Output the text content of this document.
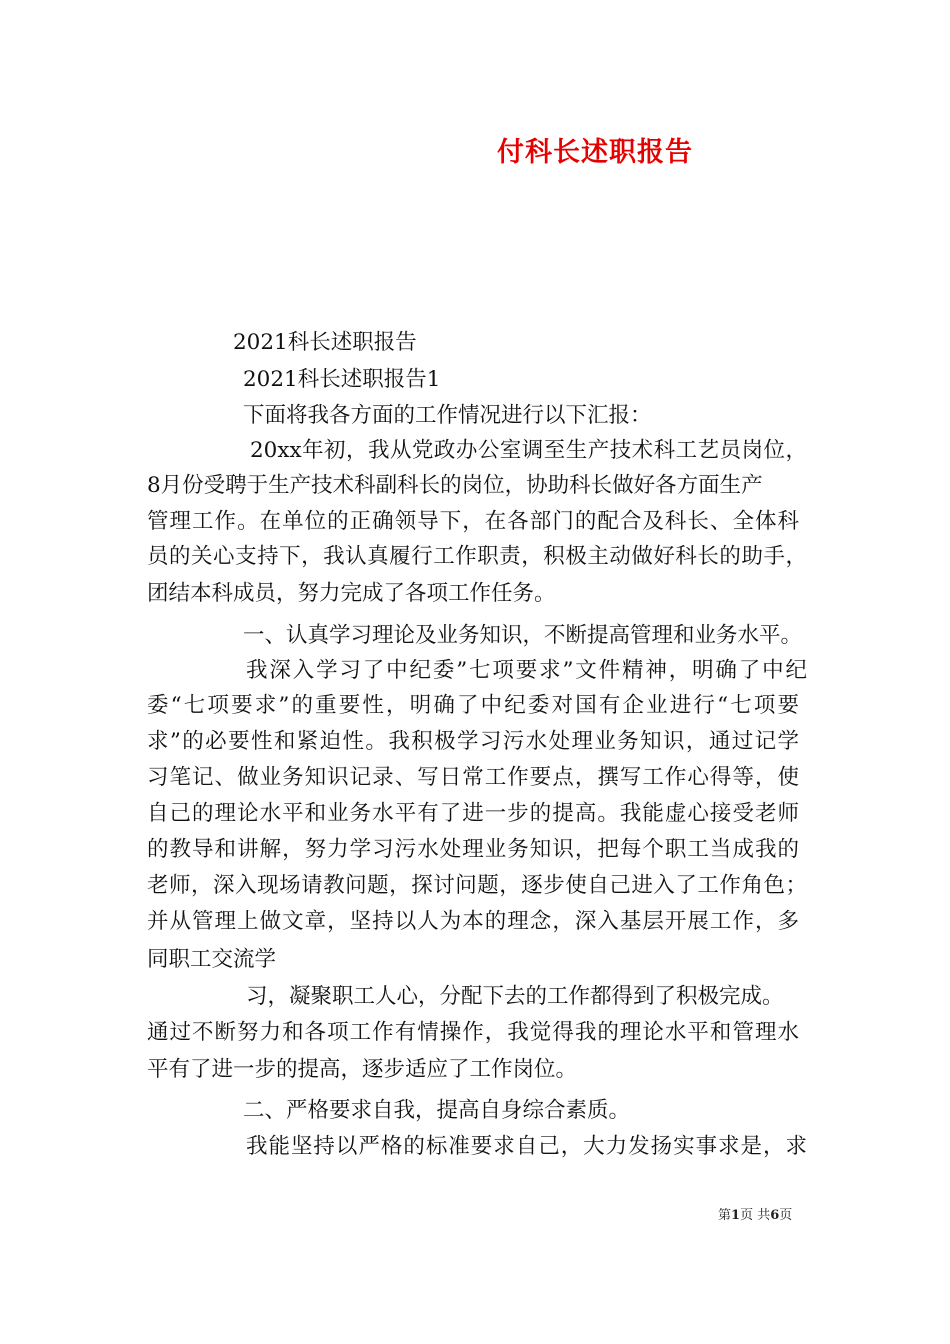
付科长述职报告
2021科长述职报告
2021科长述职报告1
下面将我各方面的工作情况进行以下汇报：
20xx年初，我从党政办公室调至生产技术科工艺员岗位，
8月份受聘于生产技术科副科长的岗位，协助科长做好各方面生产
管理工作。在单位的正确领导下，在各部门的配合及科长、全体科
员的关心支持下，我认真履行工作职责，积极主动做好科长的助手，
团结本科成员，努力完成了各项工作任务。
一、认真学习理论及业务知识，不断提高管理和业务水平。
我深入学习了中纪委”七项要求”文件精神，明确了中纪
委“七项要求”的重要性，明确了中纪委对国有企业进行“七项要
求”的必要性和紧迫性。我积极学习污水处理业务知识，通过记学
习笔记、做业务知识记录、写日常工作要点，撰写工作心得等，使
自己的理论水平和业务水平有了进一步的提高。我能虚心接受老师
的教导和讲解，努力学习污水处理业务知识，把每个职工当成我的
老师，深入现场请教问题，探讨问题，逐步使自己进入了工作角色；
并从管理上做文章，坚持以人为本的理念，深入基层开展工作，多
同职工交流学
习，凝聚职工人心，分配下去的工作都得到了积极完成。
通过不断努力和各项工作有情操作，我觉得我的理论水平和管理水
平有了进一步的提高，逐步适应了工作岗位。
二、严格要求自我，提高自身综合素质。
我能坚持以严格的标准要求自己，大力发扬实事求是，求
第1页 共6页
